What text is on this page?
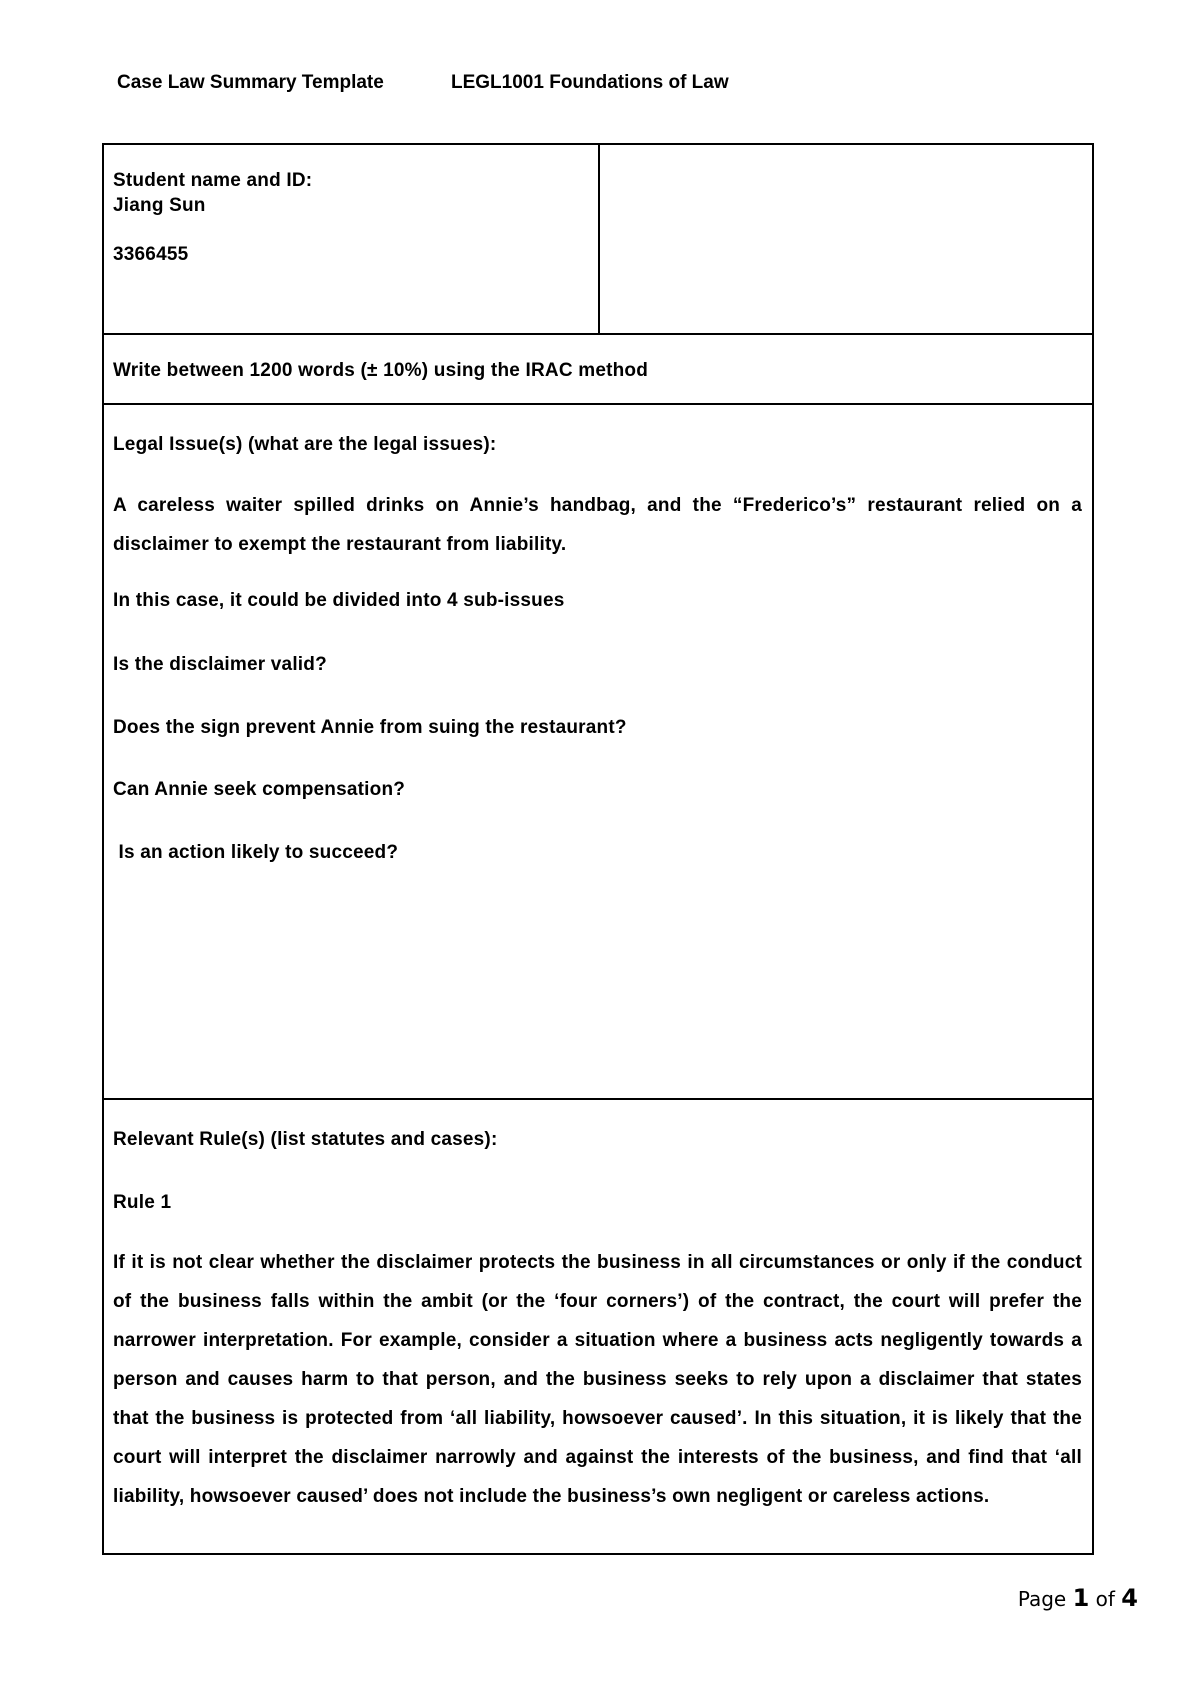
Case Law Summary Template	LEGL1001 Foundations of Law
Student name and ID:
Jiang Sun
3366455
Write between 1200 words (± 10%) using the IRAC method
Legal Issue(s) (what are the legal issues):
A careless waiter spilled drinks on Annie’s handbag, and the “Frederico’s” restaurant relied on a disclaimer to exempt the restaurant from liability.
In this case, it could be divided into 4 sub-issues
Is the disclaimer valid?
Does the sign prevent Annie from suing the restaurant?
Can Annie seek compensation?
Is an action likely to succeed?
Relevant Rule(s) (list statutes and cases):
Rule 1
If it is not clear whether the disclaimer protects the business in all circumstances or only if the conduct of the business falls within the ambit (or the ‘four corners’) of the contract, the court will prefer the narrower interpretation. For example, consider a situation where a business acts negligently towards a person and causes harm to that person, and the business seeks to rely upon a disclaimer that states that the business is protected from ‘all liability, howsoever caused’. In this situation, it is likely that the court will interpret the disclaimer narrowly and against the interests of the business, and find that ‘all liability, howsoever caused’ does not include the business’s own negligent or careless actions.
Page 1 of 4
